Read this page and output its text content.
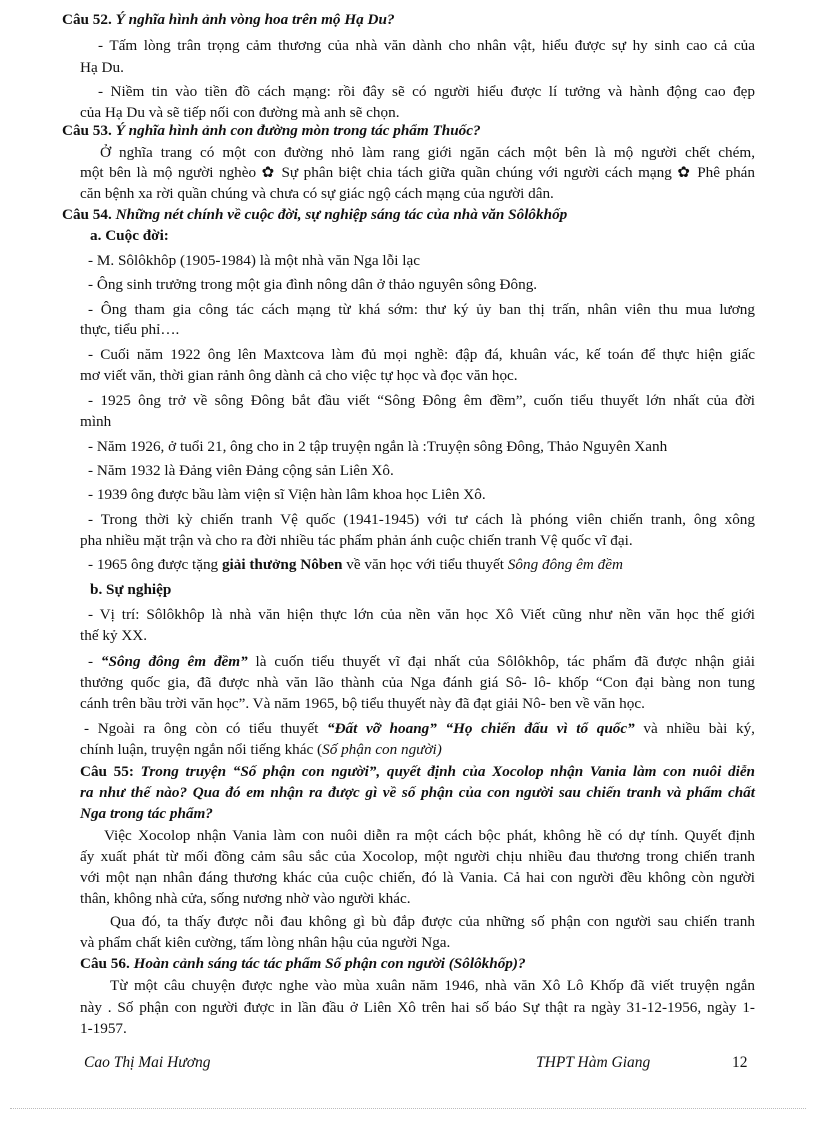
Câu 52. Ý nghĩa hình ảnh vòng hoa trên mộ Hạ Du?
- Tấm lòng trân trọng cảm thương của nhà văn dành cho nhân vật, hiểu được sự hy sinh cao cả của
Hạ Du.
- Niềm tin vào tiền đồ cách mạng: rồi đây sẽ có người hiểu được lí tưởng và hành động cao đẹp
của Hạ Du và sẽ tiếp nối con đường mà anh sẽ chọn.
Câu 53. Ý nghĩa hình ảnh con đường mòn trong tác phẩm Thuốc?
Ở nghĩa trang có một con đường nhỏ làm rang giới ngăn cách một bên là mộ người chết chém,
một bên là mộ người nghèo ✿ Sự phân biệt chia tách giữa quần chúng với người cách mạng ✿ Phê phán
căn bệnh xa rời quần chúng và chưa có sự giác ngộ cách mạng của người dân.
Câu 54. Những nét chính về cuộc đời, sự nghiệp sáng tác của nhà văn Sôlôkhốp
a. Cuộc đời:
- M. Sôlôkhôp (1905-1984) là một nhà văn Nga lỗi lạc
- Ông sinh trưởng trong một gia đình nông dân ở thảo nguyên sông Đông.
- Ông tham gia công tác cách mạng từ khá sớm: thư ký ủy ban thị trấn, nhân viên thu mua lương
thực, tiểu phỉ….
- Cuối năm 1922 ông lên Maxtcova làm đủ mọi nghề: đập đá, khuân vác, kế toán để thực hiện giấc
mơ viết văn, thời gian rảnh ông dành cả cho việc tự học và đọc văn học.
- 1925 ông trở về sông Đông bắt đầu viết “Sông Đông êm đềm”, cuốn tiểu thuyết lớn nhất của đời
mình
- Năm 1926, ở tuổi 21, ông cho in 2 tập truyện ngắn là :Truyện sông Đông, Thảo Nguyên Xanh
- Năm 1932 là Đảng viên Đảng cộng sản Liên Xô.
- 1939 ông được bầu làm viện sĩ Viện hàn lâm khoa học Liên Xô.
- Trong thời kỳ chiến tranh Vệ quốc (1941-1945) với tư cách là phóng viên chiến tranh, ông xông
pha nhiều mặt trận và cho ra đời nhiều tác phẩm phản ánh cuộc chiến tranh Vệ quốc vĩ đại.
- 1965 ông được tặng giải thưởng Nôben về văn học với tiểu thuyết Sông đông êm đềm
b. Sự nghiệp
- Vị trí: Sôlôkhôp là nhà văn hiện thực lớn của nền văn học Xô Viết cũng như nền văn học thế giới
thế kỷ XX.
- “Sông đông êm đềm” là cuốn tiểu thuyết vĩ đại nhất của Sôlôkhôp, tác phẩm đã được nhận giải
thưởng quốc gia, đã được nhà văn lão thành của Nga đánh giá Sô- lô- khốp “Con đại bàng non tung
cánh trên bầu trời văn học”. Và năm 1965, bộ tiểu thuyết này đã đạt giải Nô- ben về văn học.
- Ngoài ra ông còn có tiểu thuyết “Đất vỡ hoang” “Họ chiến đấu vì tổ quốc” và nhiều bài ký,
chính luận, truyện ngắn nổi tiếng khác (Số phận con người)
Câu 55: Trong truyện “Số phận con người”, quyết định của Xocolop nhận Vania làm con nuôi diễn
ra như thế nào? Qua đó em nhận ra được gì về số phận của con người sau chiến tranh và phẩm chất
Nga trong tác phẩm?
Việc Xocolop nhận Vania làm con nuôi diễn ra một cách bộc phát, không hề có dự tính. Quyết định
ấy xuất phát từ mối đồng cảm sâu sắc của Xocolop, một người chịu nhiều đau thương trong chiến tranh
với một nạn nhân đáng thương khác của cuộc chiến, đó là Vania. Cả hai con người đều không còn người
thân, không nhà cửa, sống nương nhờ vào người khác.
Qua đó, ta thấy được nỗi đau không gì bù đắp được của những số phận con người sau chiến tranh
và phẩm chất kiên cường, tấm lòng nhân hậu của người Nga.
Câu 56. Hoàn cảnh sáng tác tác phẩm Số phận con người (Sôlôkhốp)?
Từ một câu chuyện được nghe vào mùa xuân năm 1946, nhà văn Xô Lô Khốp đã viết truyện ngắn
này . Số phận con người được in lần đầu ở Liên Xô trên hai số báo Sự thật ra ngày 31-12-1956, ngày 1-
1-1957.
Cao Thị Mai Hương	THPT Hàm Giang	12
